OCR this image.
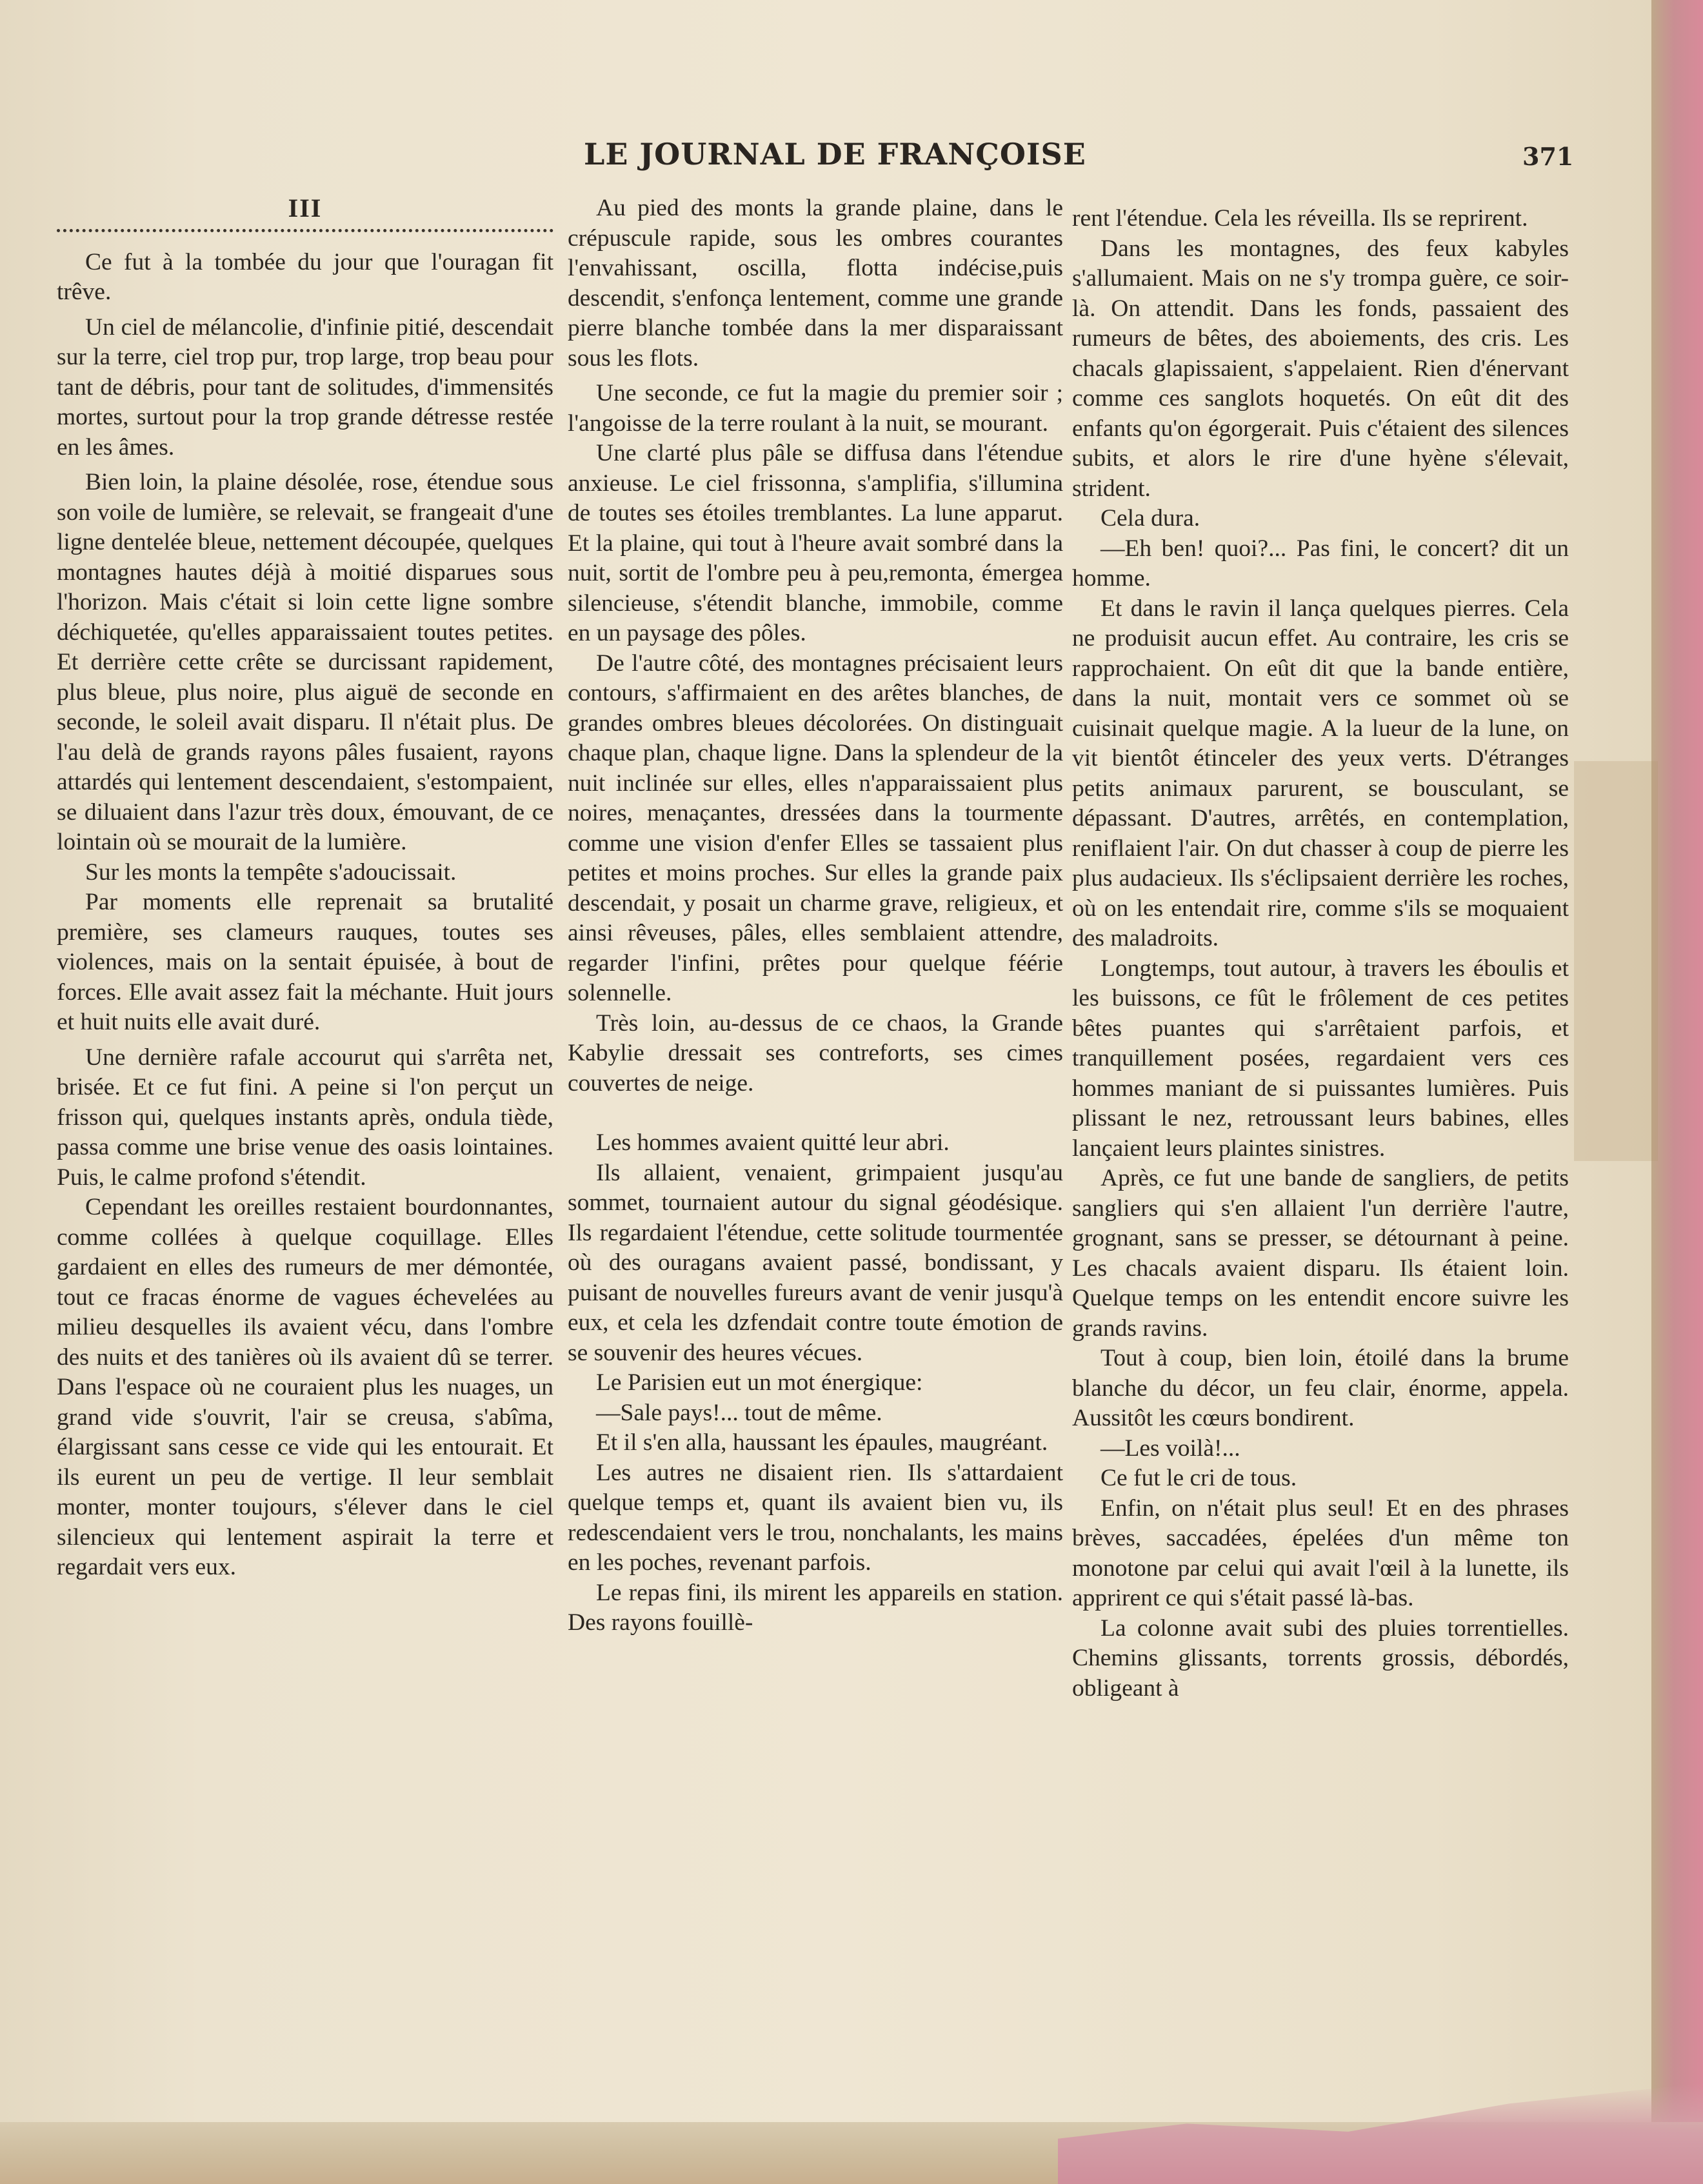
LE JOURNAL DE FRANÇOISE	371
III

Ce fut à la tombée du jour que l'ouragan fit trêve.

Un ciel de mélancolie, d'infinie pitié, descendait sur la terre, ciel trop pur, trop large, trop beau pour tant de débris, pour tant de solitudes, d'immensités mortes, surtout pour la trop grande détresse restée en les âmes.

Bien loin, la plaine désolée, rose, étendue sous son voile de lumière, se relevait, se frangeait d'une ligne dentelée bleue, nettement découpée, quelques montagnes hautes déjà à moitié disparues sous l'horizon. Mais c'était si loin cette ligne sombre déchiquetée, qu'elles apparaissaient toutes petites. Et derrière cette crête se durcissant rapidement, plus bleue, plus noire, plus aiguë de seconde en seconde, le soleil avait disparu. Il n'était plus. De l'au delà de grands rayons pâles fusaient, rayons attardés qui lentement descendaient, s'estompaient, se diluaient dans l'azur très doux, émouvant, de ce lointain où se mourait de la lumière.

Sur les monts la tempête s'adoucissait.

Par moments elle reprenait sa brutalité première, ses clameurs rauques, toutes ses violences, mais on la sentait épuisée, à bout de forces. Elle avait assez fait la méchante. Huit jours et huit nuits elle avait duré.

Une dernière rafale accourut qui s'arrêta net, brisée. Et ce fut fini. A peine si l'on perçut un frisson qui, quelques instants après, ondula tiède, passa comme une brise venue des oasis lointaines. Puis, le calme profond s'étendit.

Cependant les oreilles restaient bourdonnantes, comme collées à quelque coquillage. Elles gardaient en elles des rumeurs de mer démontée, tout ce fracas énorme de vagues échevelées au milieu desquelles ils avaient vécu, dans l'ombre des nuits et des tanières où ils avaient dû se terrer. Dans l'espace où ne couraient plus les nuages, un grand vide s'ouvrit, l'air se creusa, s'abîma, élargissant sans cesse ce vide qui les entourait. Et ils eurent un peu de vertige. Il leur semblait monter, monter toujours, s'élever dans le ciel silencieux qui lentement aspirait la terre et regardait vers eux.

Au pied des monts la grande plaine, dans le crépuscule rapide, sous les ombres courantes l'envahissant, oscilla, flotta indécise,puis descendit, s'enfonça lentement, comme une grande pierre blanche tombée dans la mer disparaissant sous les flots.

Une seconde, ce fut la magie du premier soir ; l'angoisse de la terre roulant à la nuit, se mourant.

Une clarté plus pâle se diffusa dans l'étendue anxieuse. Le ciel frissonna, s'amplifia, s'illumina de toutes ses étoiles tremblantes. La lune apparut. Et la plaine, qui tout à l'heure avait sombré dans la nuit, sortit de l'ombre peu à peu,remonta, émergea silencieuse, s'étendit blanche, immobile, comme en un paysage des pôles.

De l'autre côté, des montagnes précisaient leurs contours, s'affirmaient en des arêtes blanches, de grandes ombres bleues décolorées. On distinguait chaque plan, chaque ligne. Dans la splendeur de la nuit inclinée sur elles, elles n'apparaissaient plus noires, menaçantes, dressées dans la tourmente comme une vision d'enfer Elles se tassaient plus petites et moins proches. Sur elles la grande paix descendait, y posait un charme grave, religieux, et ainsi rêveuses, pâles, elles semblaient attendre, regarder l'infini, prêtes pour quelque féérie solennelle.

Très loin, au-dessus de ce chaos, la Grande Kabylie dressait ses contreforts, ses cimes couvertes de neige.

Les hommes avaient quitté leur abri.

Ils allaient, venaient, grimpaient jusqu'au sommet, tournaient autour du signal géodésique. Ils regardaient l'étendue, cette solitude tourmentée où des ouragans avaient passé, bondissant, y puisant de nouvelles fureurs avant de venir jusqu'à eux, et cela les dzfendait contre toute émotion de se souvenir des heures vécues.

Le Parisien eut un mot énergique:

—Sale pays!... tout de même.

Et il s'en alla, haussant les épaules, maugréant.

Les autres ne disaient rien. Ils s'attardaient quelque temps et, quant ils avaient bien vu, ils redescendaient vers le trou, nonchalants, les mains en les poches, revenant parfois.

Le repas fini, ils mirent les appareils en station. Des rayons fouillè-

rent l'étendue. Cela les réveilla. Ils se reprirent.

Dans les montagnes, des feux kabyles s'allumaient. Mais on ne s'y trompa guère, ce soir-là. On attendit. Dans les fonds, passaient des rumeurs de bêtes, des aboiements, des cris. Les chacals glapissaient, s'appelaient. Rien d'énervant comme ces sanglots hoquetés. On eût dit des enfants qu'on égorgerait. Puis c'étaient des silences subits, et alors le rire d'une hyène s'élevait, strident.

Cela dura.

—Eh ben! quoi?... Pas fini, le concert? dit un homme.

Et dans le ravin il lança quelques pierres. Cela ne produisit aucun effet. Au contraire, les cris se rapprochaient. On eût dit que la bande entière, dans la nuit, montait vers ce sommet où se cuisinait quelque magie. A la lueur de la lune, on vit bientôt étinceler des yeux verts. D'étranges petits animaux parurent, se bousculant, se dépassant. D'autres, arrêtés, en contemplation, reniflaient l'air. On dut chasser à coup de pierre les plus audacieux. Ils s'éclipsaient derrière les roches, où on les entendait rire, comme s'ils se moquaient des maladroits.

Longtemps, tout autour, à travers les éboulis et les buissons, ce fût le frôlement de ces petites bêtes puantes qui s'arrêtaient parfois, et tranquillement posées, regardaient vers ces hommes maniant de si puissantes lumières. Puis plissant le nez, retroussant leurs babines, elles lançaient leurs plaintes sinistres.

Après, ce fut une bande de sangliers, de petits sangliers qui s'en allaient l'un derrière l'autre, grognant, sans se presser, se détournant à peine. Les chacals avaient disparu. Ils étaient loin. Quelque temps on les entendit encore suivre les grands ravins.

Tout à coup, bien loin, étoilé dans la brume blanche du décor, un feu clair, énorme, appela. Aussitôt les cœurs bondirent.

—Les voilà!...

Ce fut le cri de tous.

Enfin, on n'était plus seul! Et en des phrases brèves, saccadées, épelées d'un même ton monotone par celui qui avait l'œil à la lunette, ils apprirent ce qui s'était passé là-bas.

La colonne avait subi des pluies torrentielles. Chemins glissants, torrents grossis, débordés, obligeant à
